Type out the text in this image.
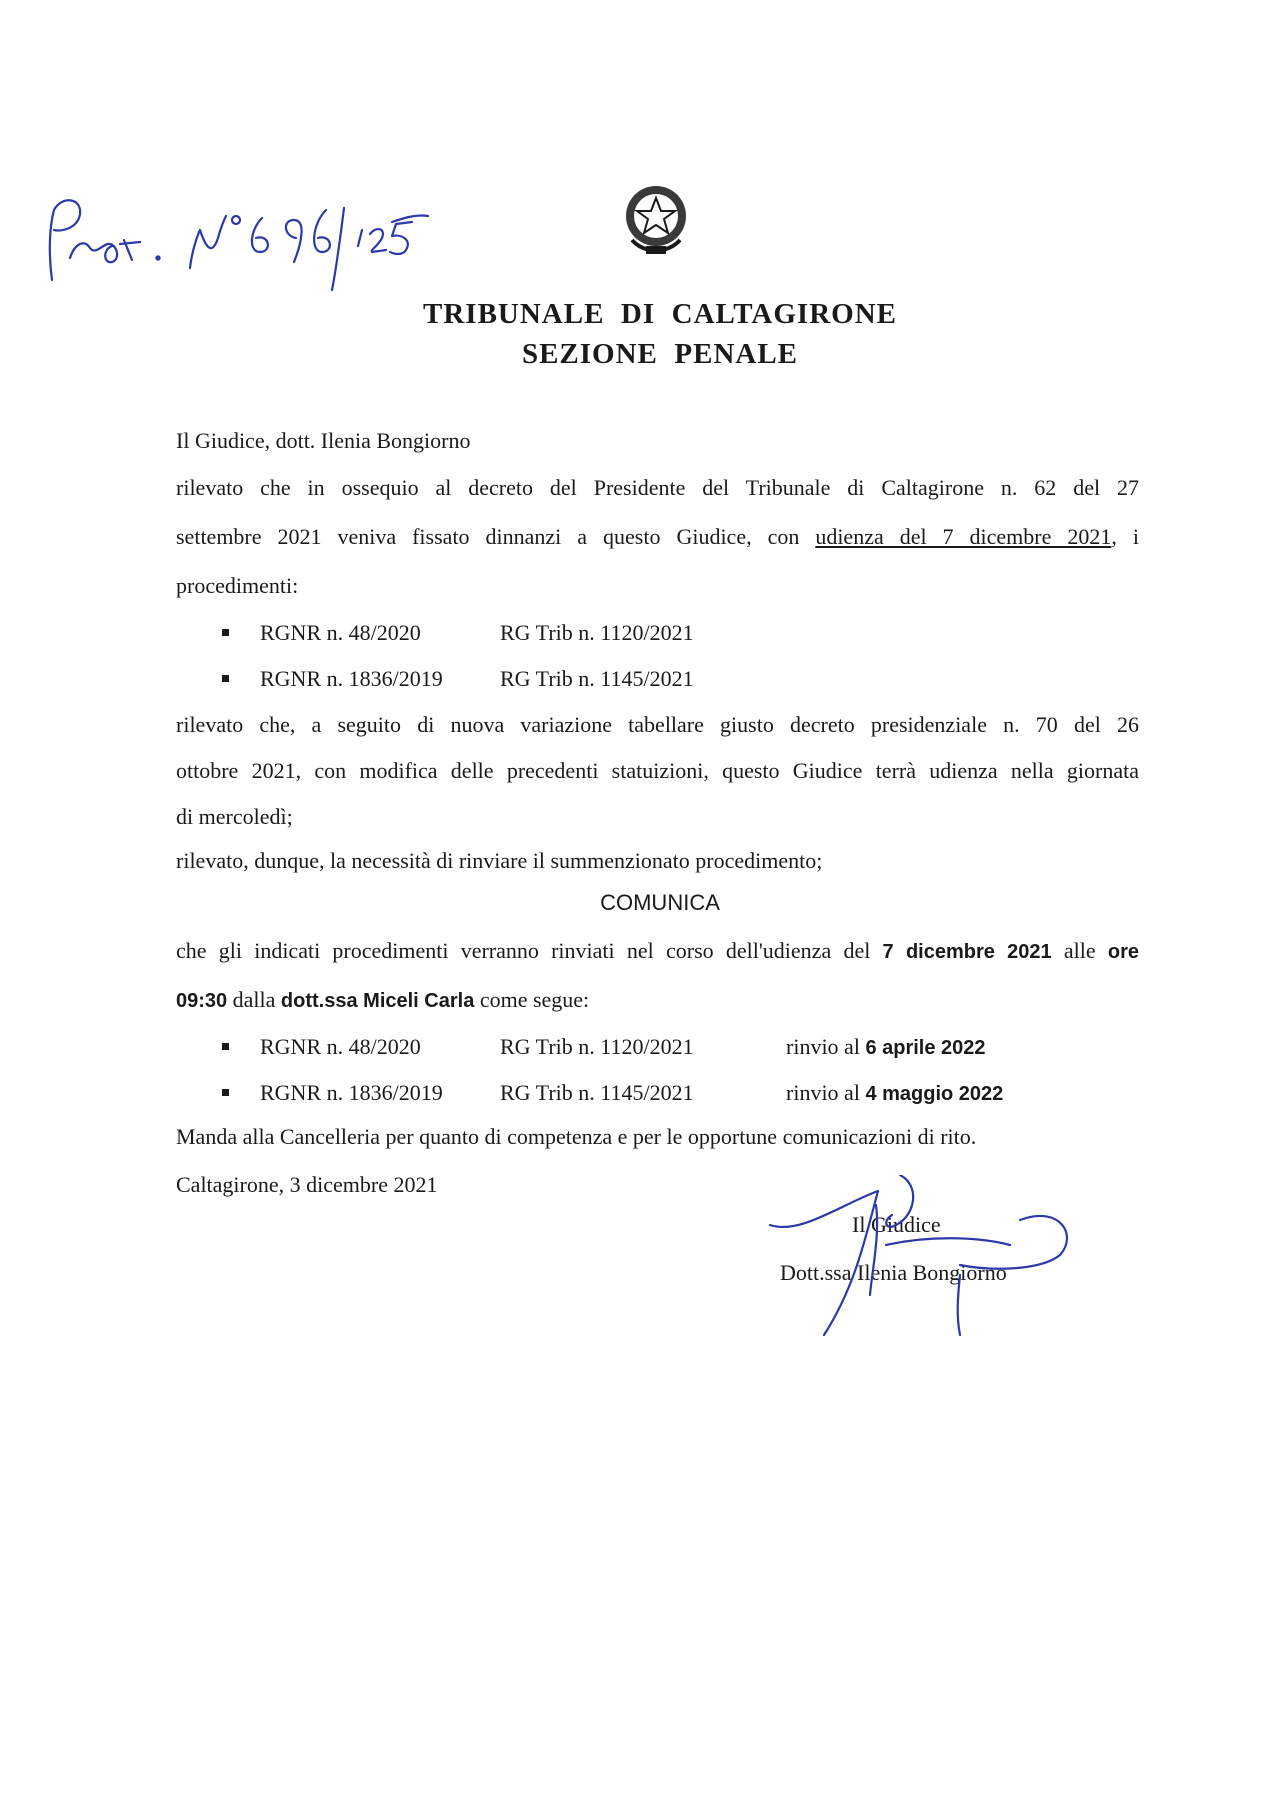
Prot. N° 696/125

TRIBUNALE  DI  CALTAGIRONE

SEZIONE  PENALE

Il Giudice, dott. Ilenia Bongiorno

rilevato che in ossequio al decreto del Presidente del Tribunale di Caltagirone n. 62 del 27

settembre 2021 veniva fissato dinnanzi a questo Giudice, con udienza del 7 dicembre 2021, i

procedimenti:

RGNR n. 48/2020	RG Trib n. 1120/2021
RGNR n. 1836/2019	RG Trib n. 1145/2021

rilevato che, a seguito di nuova variazione tabellare giusto decreto presidenziale n. 70 del 26

ottobre 2021, con modifica delle precedenti statuizioni, questo Giudice terrà udienza nella giornata

di mercoledì;

rilevato, dunque, la necessità di rinviare il summenzionato procedimento;

COMUNICA

che gli indicati procedimenti verranno rinviati nel corso dell'udienza del 7 dicembre 2021 alle ore

09:30 dalla dott.ssa Miceli Carla come segue:

RGNR n. 48/2020	RG Trib n. 1120/2021	rinvio al 6 aprile 2022
RGNR n. 1836/2019	RG Trib n. 1145/2021	rinvio al 4 maggio 2022

Manda alla Cancelleria per quanto di competenza e per le opportune comunicazioni di rito.

Caltagirone, 3 dicembre 2021

Il Giudice
Dott.ssa Ilenia Bongiorno
